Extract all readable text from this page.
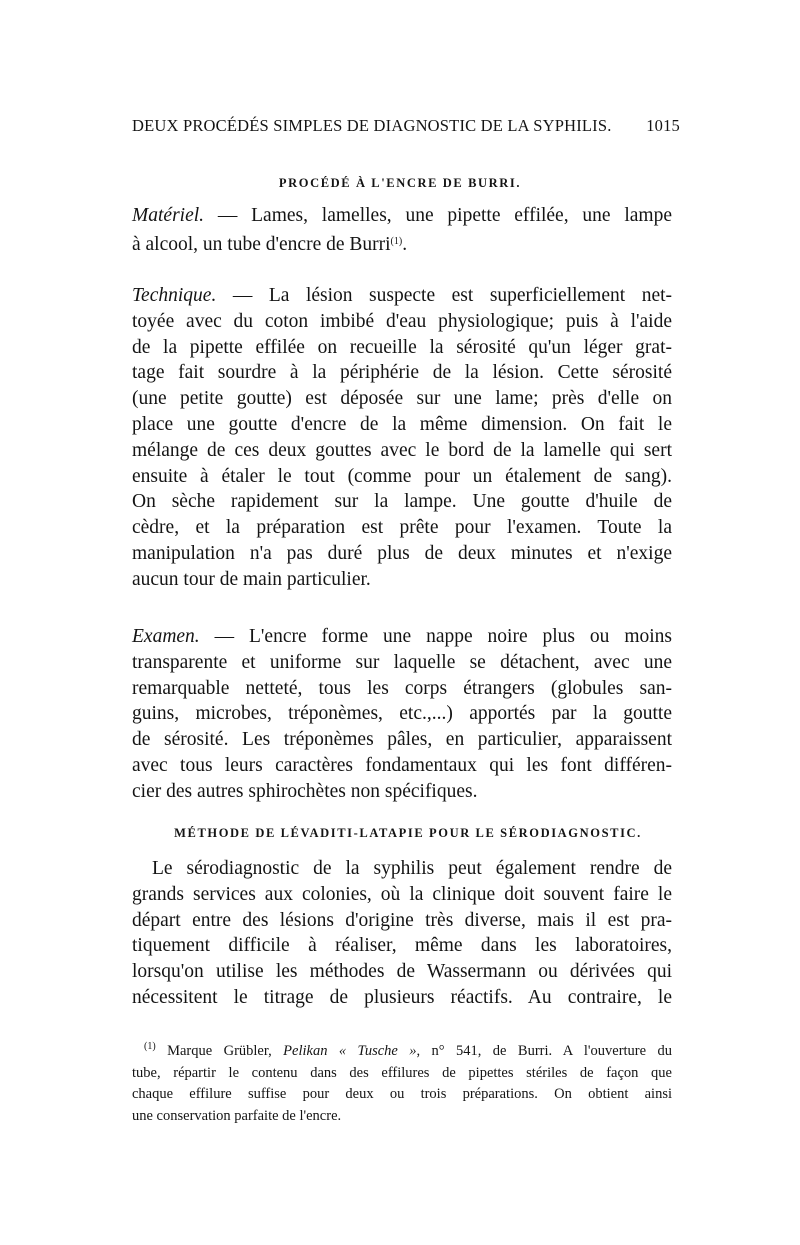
DEUX PROCÉDÉS SIMPLES DE DIAGNOSTIC DE LA SYPHILIS. 1015
PROCÉDÉ À L'ENCRE DE BURRI.
Matériel. — Lames, lamelles, une pipette effilée, une lampe
à alcool, un tube d'encre de Burri$^{(1)}$.
Technique. — La lésion suspecte est superficiellement net-
toyée avec du coton imbibé d'eau physiologique; puis à l'aide
de la pipette effilée on recueille la sérosité qu'un léger grat-
tage fait sourdre à la périphérie de la lésion. Cette sérosité
(une petite goutte) est déposée sur une lame; près d'elle on
place une goutte d'encre de la même dimension. On fait le
mélange de ces deux gouttes avec le bord de la lamelle qui sert
ensuite à étaler le tout (comme pour un étalement de sang).
On sèche rapidement sur la lampe. Une goutte d'huile de
cèdre, et la préparation est prête pour l'examen. Toute la
manipulation n'a pas duré plus de deux minutes et n'exige
aucun tour de main particulier.
Examen. — L'encre forme une nappe noire plus ou moins
transparente et uniforme sur laquelle se détachent, avec une
remarquable netteté, tous les corps étrangers (globules san-
guins, microbes, tréponèmes, etc.,...) apportés par la goutte
de sérosité. Les tréponèmes pâles, en particulier, apparaissent
avec tous leurs caractères fondamentaux qui les font différen-
cier des autres sphirochètes non spécifiques.
MÉTHODE DE LÉVADITI-LATAPIE POUR LE SÉRODIAGNOSTIC.
Le sérodiagnostic de la syphilis peut également rendre de
grands services aux colonies, où la clinique doit souvent faire le
départ entre des lésions d'origine très diverse, mais il est pra-
tiquement difficile à réaliser, même dans les laboratoires,
lorsqu'on utilise les méthodes de Wassermann ou dérivées qui
nécessitent le titrage de plusieurs réactifs. Au contraire, le
$^{(1)}$ Marque Grübler, Pelikan « Tusche », n° 541, de Burri. A l'ouverture du
tube, répartir le contenu dans des effilures de pipettes stériles de façon que
chaque effilure suffise pour deux ou trois préparations. On obtient ainsi
une conservation parfaite de l'encre.
